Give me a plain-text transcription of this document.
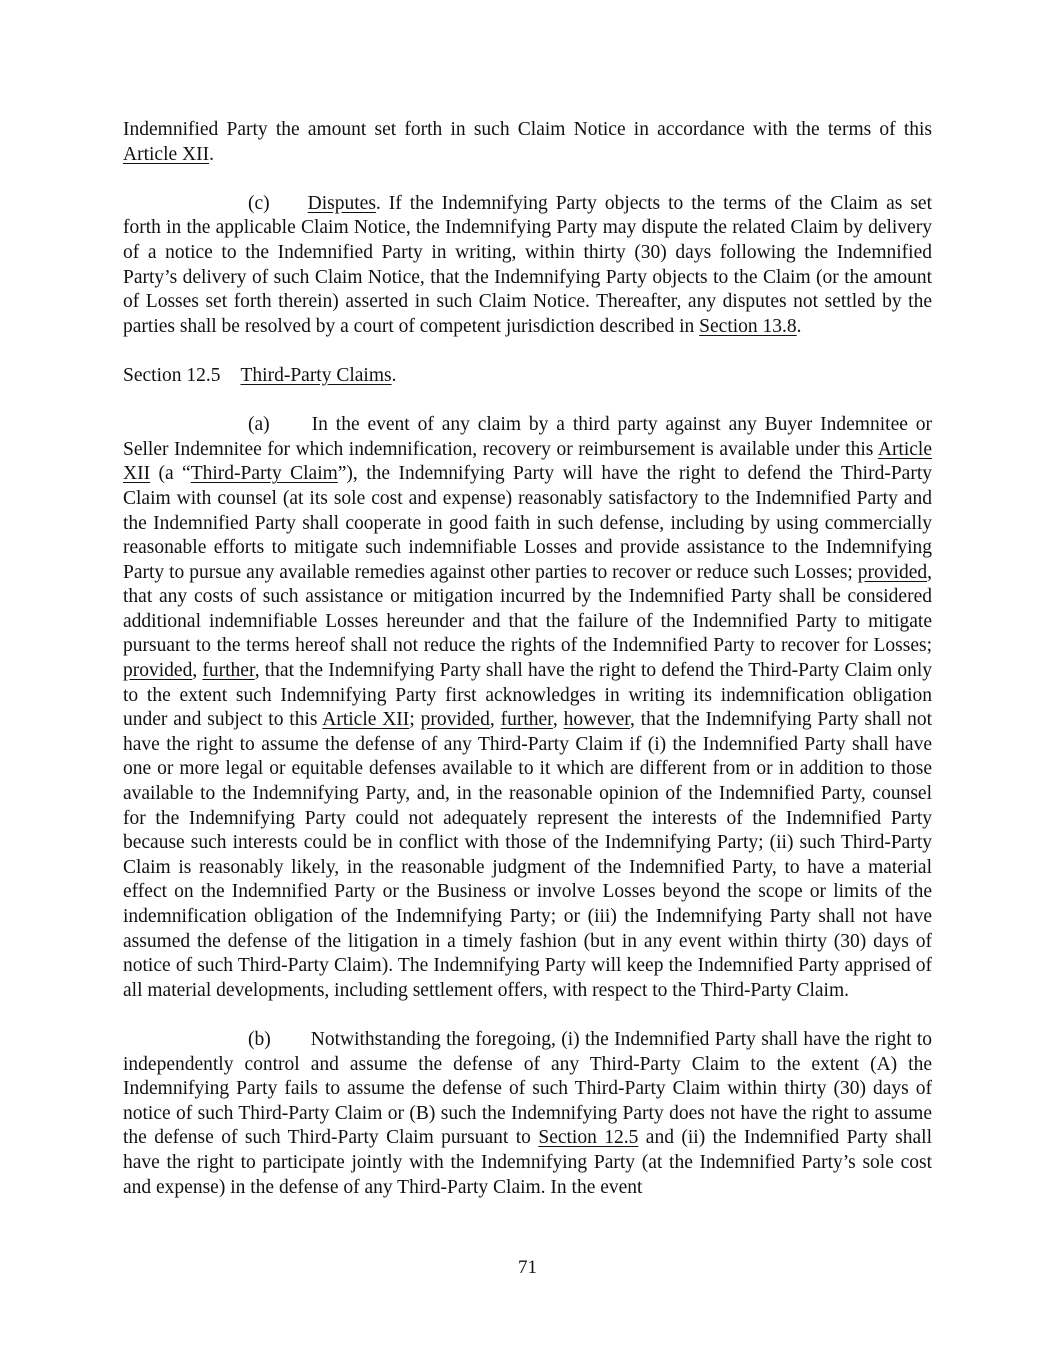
Indemnified Party the amount set forth in such Claim Notice in accordance with the terms of this Article XII.

(c) Disputes. If the Indemnifying Party objects to the terms of the Claim as set forth in the applicable Claim Notice, the Indemnifying Party may dispute the related Claim by delivery of a notice to the Indemnified Party in writing, within thirty (30) days following the Indemnified Party’s delivery of such Claim Notice, that the Indemnifying Party objects to the Claim (or the amount of Losses set forth therein) asserted in such Claim Notice. Thereafter, any disputes not settled by the parties shall be resolved by a court of competent jurisdiction described in Section 13.8.

Section 12.5 Third-Party Claims.

(a) In the event of any claim by a third party against any Buyer Indemnitee or Seller Indemnitee for which indemnification, recovery or reimbursement is available under this Article XII (a “Third-Party Claim”), the Indemnifying Party will have the right to defend the Third-Party Claim with counsel (at its sole cost and expense) reasonably satisfactory to the Indemnified Party and the Indemnified Party shall cooperate in good faith in such defense, including by using commercially reasonable efforts to mitigate such indemnifiable Losses and provide assistance to the Indemnifying Party to pursue any available remedies against other parties to recover or reduce such Losses; provided, that any costs of such assistance or mitigation incurred by the Indemnified Party shall be considered additional indemnifiable Losses hereunder and that the failure of the Indemnified Party to mitigate pursuant to the terms hereof shall not reduce the rights of the Indemnified Party to recover for Losses; provided, further, that the Indemnifying Party shall have the right to defend the Third-Party Claim only to the extent such Indemnifying Party first acknowledges in writing its indemnification obligation under and subject to this Article XII; provided, further, however, that the Indemnifying Party shall not have the right to assume the defense of any Third-Party Claim if (i) the Indemnified Party shall have one or more legal or equitable defenses available to it which are different from or in addition to those available to the Indemnifying Party, and, in the reasonable opinion of the Indemnified Party, counsel for the Indemnifying Party could not adequately represent the interests of the Indemnified Party because such interests could be in conflict with those of the Indemnifying Party; (ii) such Third-Party Claim is reasonably likely, in the reasonable judgment of the Indemnified Party, to have a material effect on the Indemnified Party or the Business or involve Losses beyond the scope or limits of the indemnification obligation of the Indemnifying Party; or (iii) the Indemnifying Party shall not have assumed the defense of the litigation in a timely fashion (but in any event within thirty (30) days of notice of such Third-Party Claim). The Indemnifying Party will keep the Indemnified Party apprised of all material developments, including settlement offers, with respect to the Third-Party Claim.

(b) Notwithstanding the foregoing, (i) the Indemnified Party shall have the right to independently control and assume the defense of any Third-Party Claim to the extent (A) the Indemnifying Party fails to assume the defense of such Third-Party Claim within thirty (30) days of notice of such Third-Party Claim or (B) such the Indemnifying Party does not have the right to assume the defense of such Third-Party Claim pursuant to Section 12.5 and (ii) the Indemnified Party shall have the right to participate jointly with the Indemnifying Party (at the Indemnified Party’s sole cost and expense) in the defense of any Third-Party Claim. In the event

71
